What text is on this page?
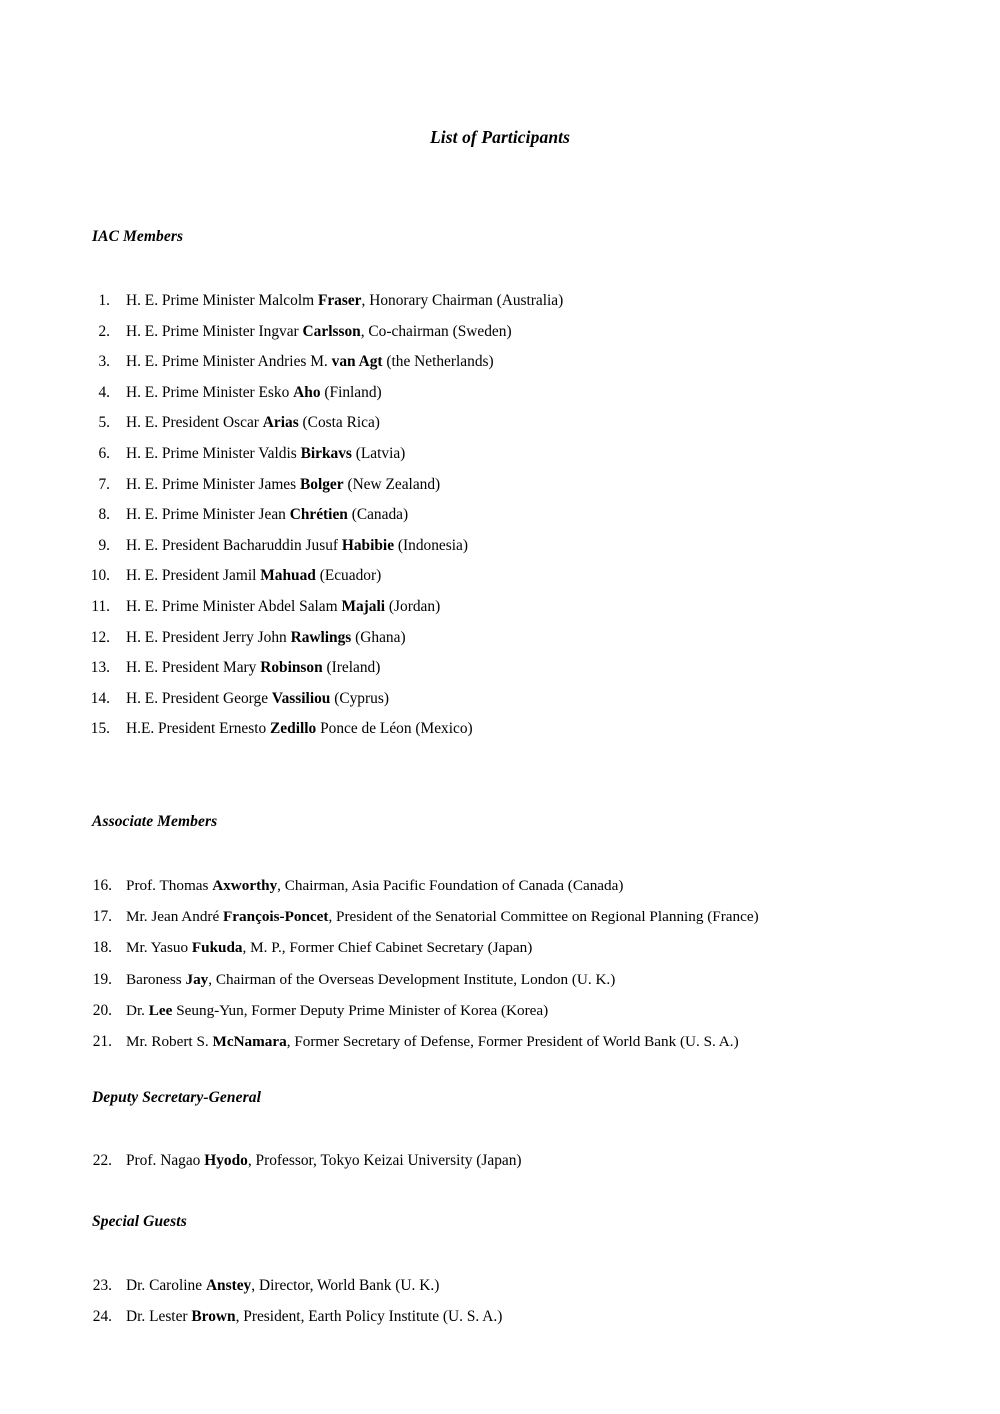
List of Participants
IAC Members
1. H. E. Prime Minister Malcolm Fraser, Honorary Chairman (Australia)
2. H. E. Prime Minister Ingvar Carlsson, Co-chairman (Sweden)
3. H. E. Prime Minister Andries M. van Agt (the Netherlands)
4. H. E. Prime Minister Esko Aho (Finland)
5. H. E. President Oscar Arias (Costa Rica)
6. H. E. Prime Minister Valdis Birkavs (Latvia)
7. H. E. Prime Minister James Bolger (New Zealand)
8. H. E. Prime Minister Jean Chrétien (Canada)
9. H. E. President Bacharuddin Jusuf Habibie (Indonesia)
10. H. E. President Jamil Mahuad (Ecuador)
11. H. E. Prime Minister Abdel Salam Majali (Jordan)
12. H. E. President Jerry John Rawlings (Ghana)
13. H. E. President Mary Robinson (Ireland)
14. H. E. President George Vassiliou (Cyprus)
15. H.E. President Ernesto Zedillo Ponce de Léon (Mexico)
Associate Members
16. Prof. Thomas Axworthy, Chairman, Asia Pacific Foundation of Canada (Canada)
17. Mr. Jean André François-Poncet, President of the Senatorial Committee on Regional Planning (France)
18. Mr. Yasuo Fukuda, M. P., Former Chief Cabinet Secretary (Japan)
19. Baroness Jay, Chairman of the Overseas Development Institute, London (U. K.)
20. Dr. Lee Seung-Yun, Former Deputy Prime Minister of Korea (Korea)
21. Mr. Robert S. McNamara, Former Secretary of Defense, Former President of World Bank (U. S. A.)
Deputy Secretary-General
22. Prof. Nagao Hyodo, Professor, Tokyo Keizai University (Japan)
Special Guests
23. Dr. Caroline Anstey, Director, World Bank (U. K.)
24. Dr. Lester Brown, President, Earth Policy Institute (U. S. A.)
